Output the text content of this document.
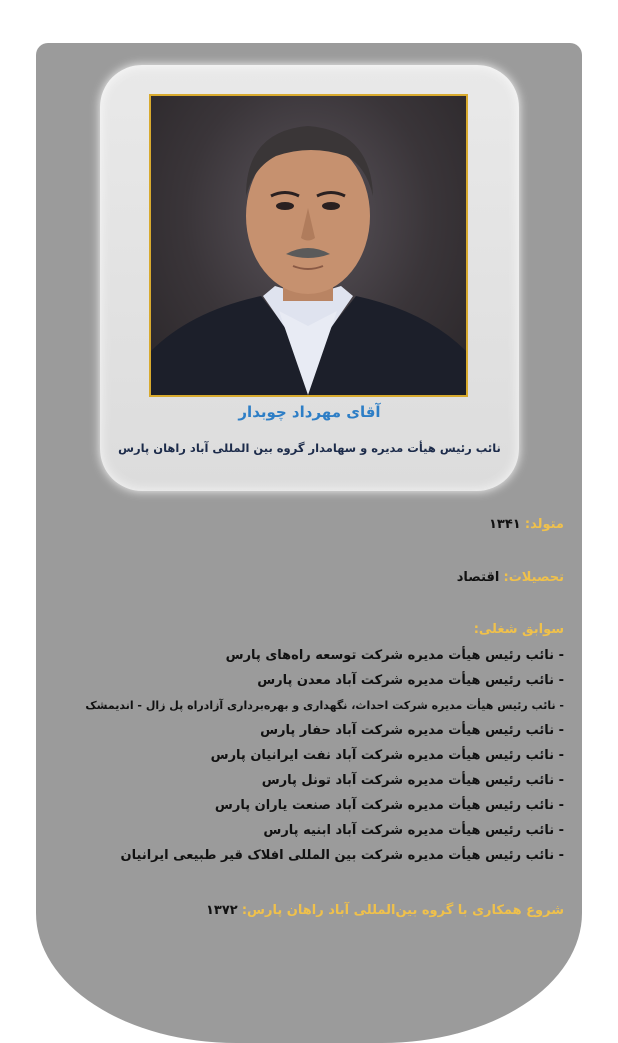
آقای مهرداد چوبدار
نائب رئیس هیأت مدیره و سهامدار گروه بین المللی آباد راهان پارس
متولد: ۱۳۴۱
تحصیلات: اقتصاد
سوابق شغلی:
- نائب رئیس هیأت مدیره شرکت توسعه راه‌های پارس
- نائب رئیس هیأت مدیره شرکت آباد معدن پارس
- نائب رئیس هیأت مدیره شرکت احداث، نگهداری و بهره‌برداری آزادراه پل زال - اندیمشک
- نائب رئیس هیأت مدیره شرکت آباد حفار پارس
- نائب رئیس هیأت مدیره شرکت آباد نفت ایرانیان پارس
- نائب رئیس هیأت مدیره شرکت آباد تونل پارس
- نائب رئیس هیأت مدیره شرکت آباد صنعت یاران پارس
- نائب رئیس هیأت مدیره شرکت آباد ابنیه پارس
- نائب رئیس هیأت مدیره شرکت بین المللی افلاک قیر طبیعی ایرانیان
شروع همکاری با گروه بین‌المللی آباد راهان پارس: ۱۳۷۲
